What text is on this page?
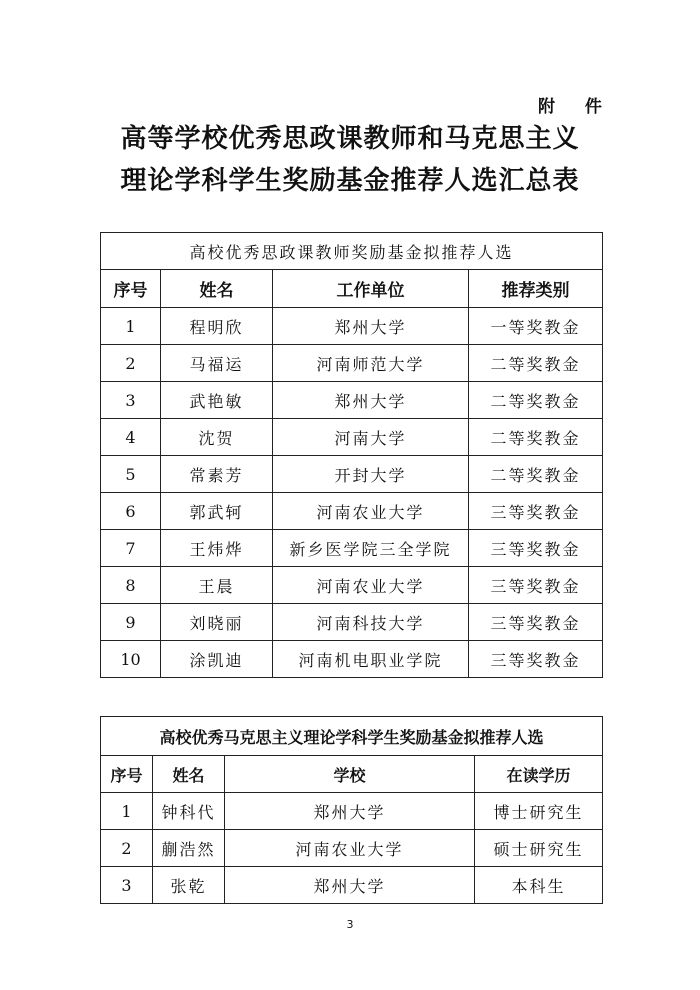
附 件
高等学校优秀思政课教师和马克思主义
理论学科学生奖励基金推荐人选汇总表
高校优秀思政课教师奖励基金拟推荐人选			
序号	姓名	工作单位	推荐类别
1	程明欣	郑州大学	一等奖教金
2	马福运	河南师范大学	二等奖教金
3	武艳敏	郑州大学	二等奖教金
4	沈贺	河南大学	二等奖教金
5	常素芳	开封大学	二等奖教金
6	郭武轲	河南农业大学	三等奖教金
7	王炜烨	新乡医学院三全学院	三等奖教金
8	王晨	河南农业大学	三等奖教金
9	刘晓丽	河南科技大学	三等奖教金
10	涂凯迪	河南机电职业学院	三等奖教金
高校优秀马克思主义理论学科学生奖励基金拟推荐人选			
序号	姓名	学校	在读学历
1	钟科代	郑州大学	博士研究生
2	蒯浩然	河南农业大学	硕士研究生
3	张乾	郑州大学	本科生
3
